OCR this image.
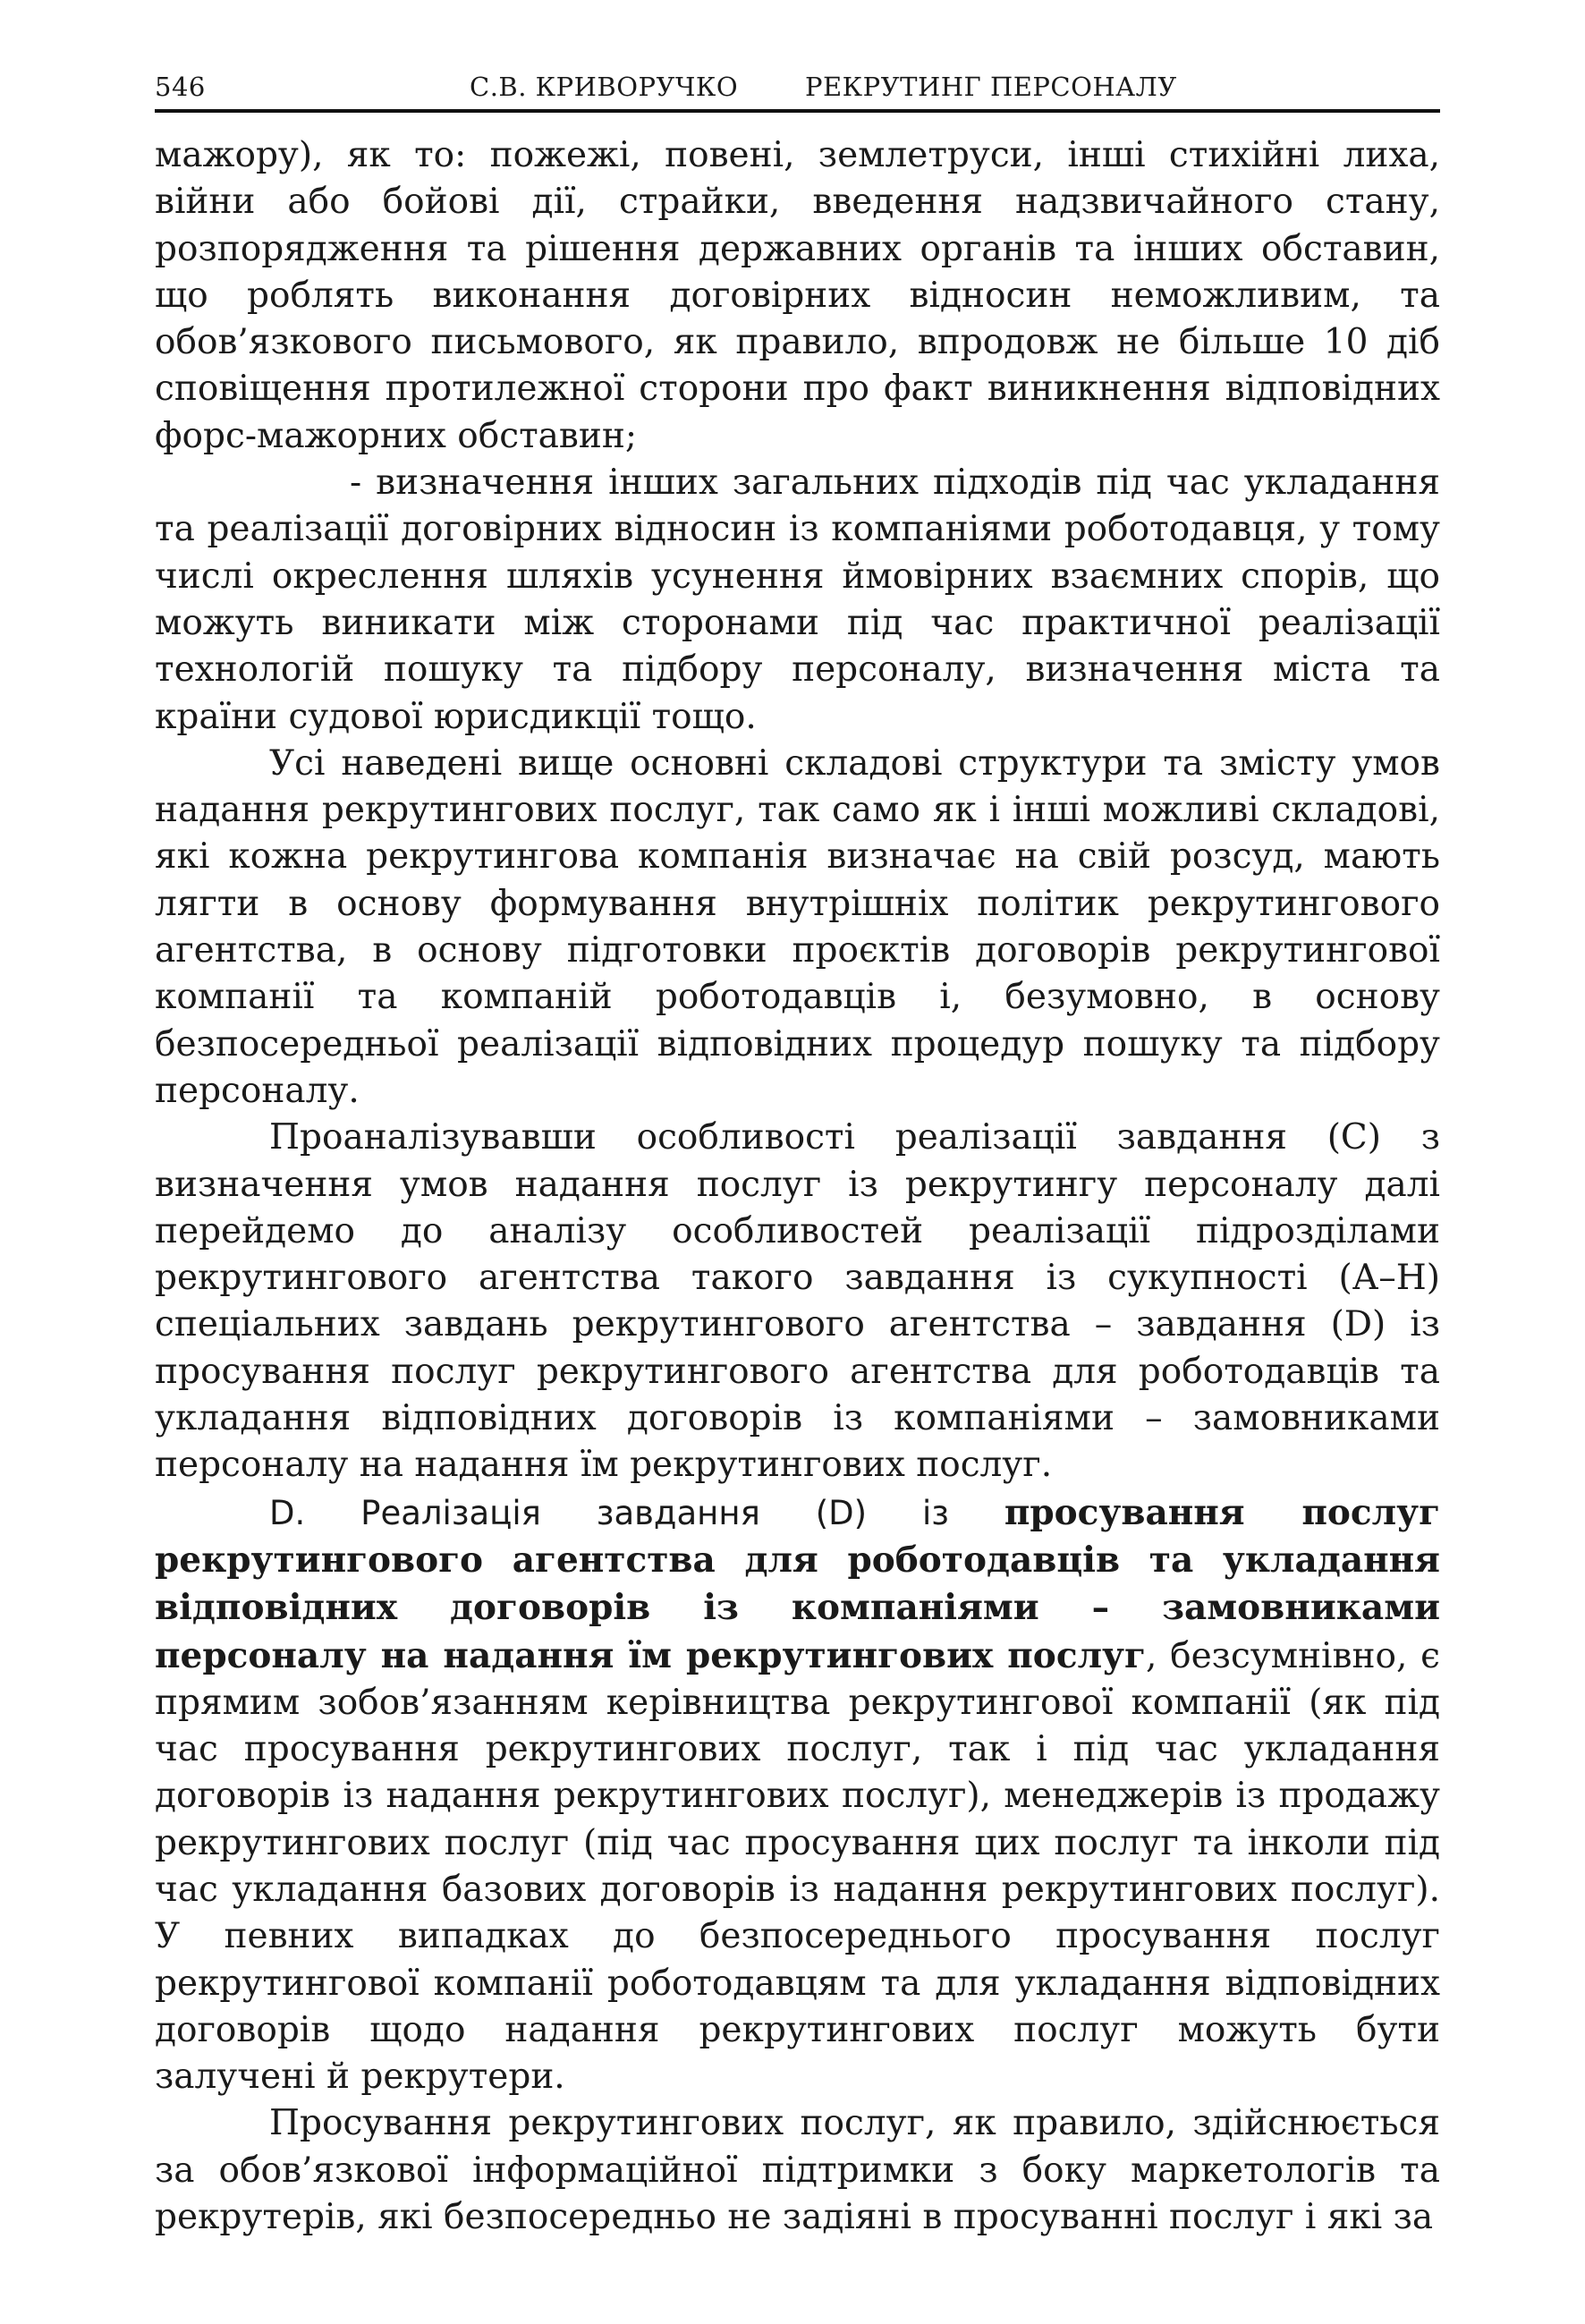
546	С.В. КРИВОРУЧКО	РЕКРУТИНГ ПЕРСОНАЛУ

мажору), як то: пожежі, повені, землетруси, інші стихійні лиха, війни або бойові дії, страйки, введення надзвичайного стану, розпорядження та рішення державних органів та інших обставин, що роблять виконання договірних відносин неможливим, та обов’язкового письмового, як правило, впродовж не більше 10 діб сповіщення протилежної сторони про факт виникнення відповідних форс-мажорних обставин;

- визначення інших загальних підходів під час укладання та реалізації договірних відносин із компаніями роботодавця, у тому числі окреслення шляхів усунення ймовірних взаємних спорів, що можуть виникати між сторонами під час практичної реалізації технологій пошуку та підбору персоналу, визначення міста та країни судової юрисдикції тощо.

Усі наведені вище основні складові структури та змісту умов надання рекрутингових послуг, так само як і інші можливі складові, які кожна рекрутингова компанія визначає на свій розсуд, мають лягти в основу формування внутрішніх політик рекрутингового агентства, в основу підготовки проєктів договорів рекрутингової компанії та компаній роботодавців і, безумовно, в основу безпосередньої реалізації відповідних процедур пошуку та підбору персоналу.

Проаналізувавши особливості реалізації завдання (С) з визначення умов надання послуг із рекрутингу персоналу далі перейдемо до аналізу особливостей реалізації підрозділами рекрутингового агентства такого завдання із сукупності (А–Н) спеціальних завдань рекрутингового агентства – завдання (D) із просування послуг рекрутингового агентства для роботодавців та укладання відповідних договорів із компаніями – замовниками персоналу на надання їм рекрутингових послуг.

D. Реалізація завдання (D) із просування послуг рекрутингового агентства для роботодавців та укладання відповідних договорів із компаніями – замовниками персоналу на надання їм рекрутингових послуг, безсумнівно, є прямим зобов’язанням керівництва рекрутингової компанії (як під час просування рекрутингових послуг, так і під час укладання договорів із надання рекрутингових послуг), менеджерів із продажу рекрутингових послуг (під час просування цих послуг та інколи під час укладання базових договорів із надання рекрутингових послуг). У певних випадках до безпосереднього просування послуг рекрутингової компанії роботодавцям та для укладання відповідних договорів щодо надання рекрутингових послуг можуть бути залучені й рекрутери.

Просування рекрутингових послуг, як правило, здійснюється за обов’язкової інформаційної підтримки з боку маркетологів та рекрутерів, які безпосередньо не задіяні в просуванні послуг і які за
